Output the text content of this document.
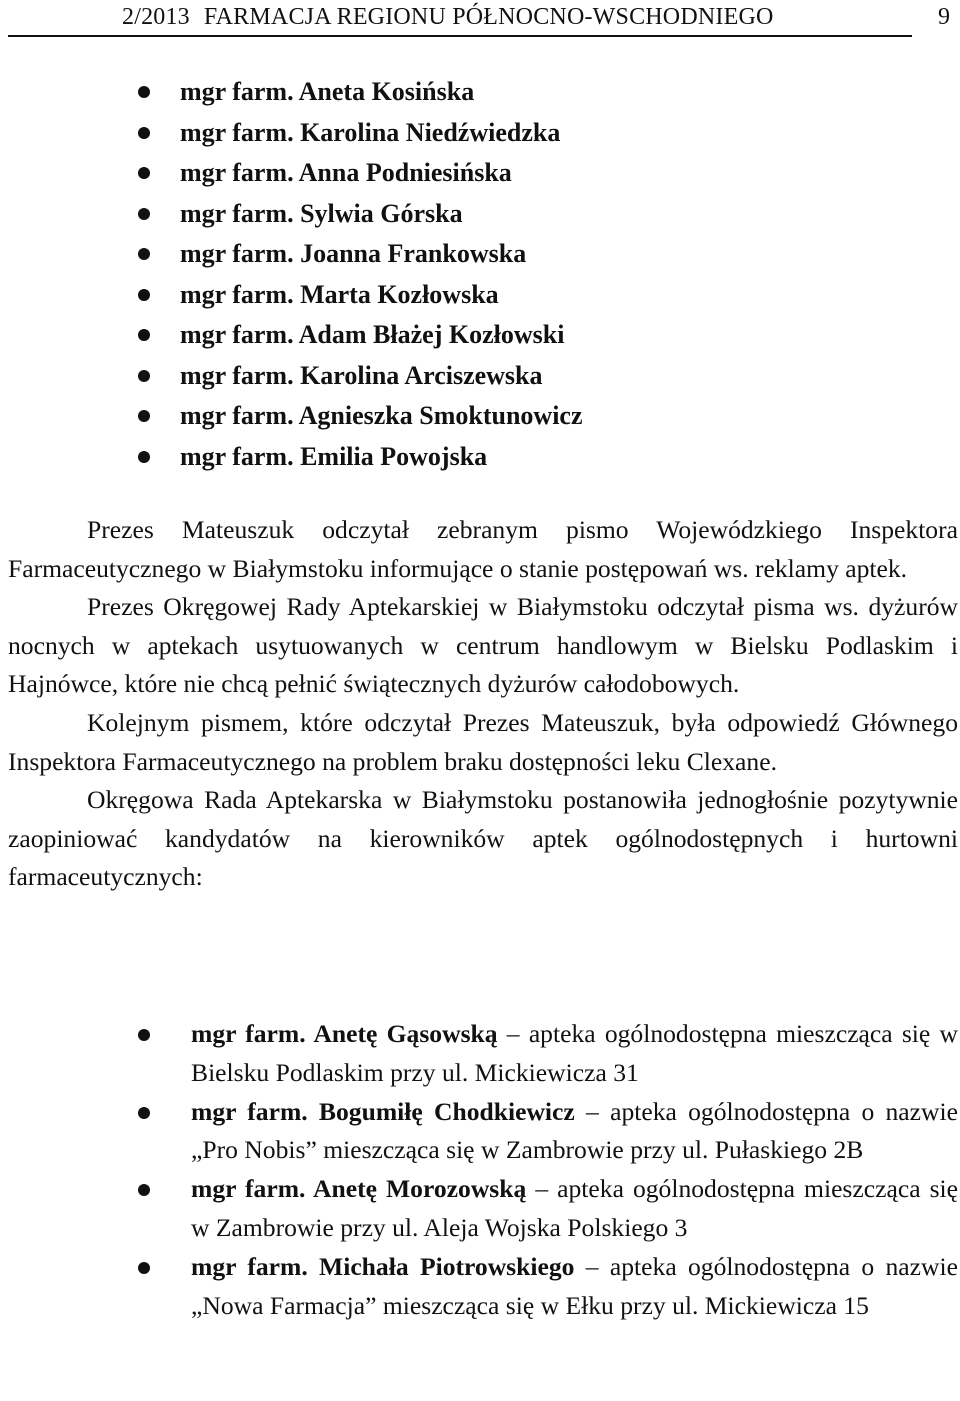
2/2013 FARMACJA REGIONU PÓŁNOCNO-WSCHODNIEGO	9
mgr farm. Aneta Kosińska
mgr farm. Karolina Niedźwiedzka
mgr farm. Anna Podniesińska
mgr farm. Sylwia Górska
mgr farm. Joanna Frankowska
mgr farm. Marta Kozłowska
mgr farm. Adam Błażej Kozłowski
mgr farm. Karolina Arciszewska
mgr farm. Agnieszka Smoktunowicz
mgr farm. Emilia Powojska

Prezes Mateuszuk odczytał zebranym pismo Wojewódzkiego Inspektora Farmaceutycznego w Białymstoku informujące o stanie postępowań ws. reklamy aptek.

Prezes Okręgowej Rady Aptekarskiej w Białymstoku odczytał pisma ws. dyżurów nocnych w aptekach usytuowanych w centrum handlowym w Bielsku Podlaskim i Hajnówce, które nie chcą pełnić świątecznych dyżurów całodobowych.

Kolejnym pismem, które odczytał Prezes Mateuszuk, była odpowiedź Głównego Inspektora Farmaceutycznego na problem braku dostępności leku Clexane.

Okręgowa Rada Aptekarska w Białymstoku postanowiła jednogłośnie pozytywnie zaopiniować kandydatów na kierowników aptek ogólnodostępnych i hurtowni farmaceutycznych:

mgr farm. Anetę Gąsowską – apteka ogólnodostępna mieszcząca się w Bielsku Podlaskim przy ul. Mickiewicza 31
mgr farm. Bogumiłę Chodkiewicz – apteka ogólnodostępna o nazwie „Pro Nobis” mieszcząca się w Zambrowie przy ul. Pułaskiego 2B
mgr farm. Anetę Morozowską – apteka ogólnodostępna mieszcząca się w Zambrowie przy ul. Aleja Wojska Polskiego 3
mgr farm. Michała Piotrowskiego – apteka ogólnodostępna o nazwie „Nowa Farmacja” mieszcząca się w Ełku przy ul. Mickiewicza 15
